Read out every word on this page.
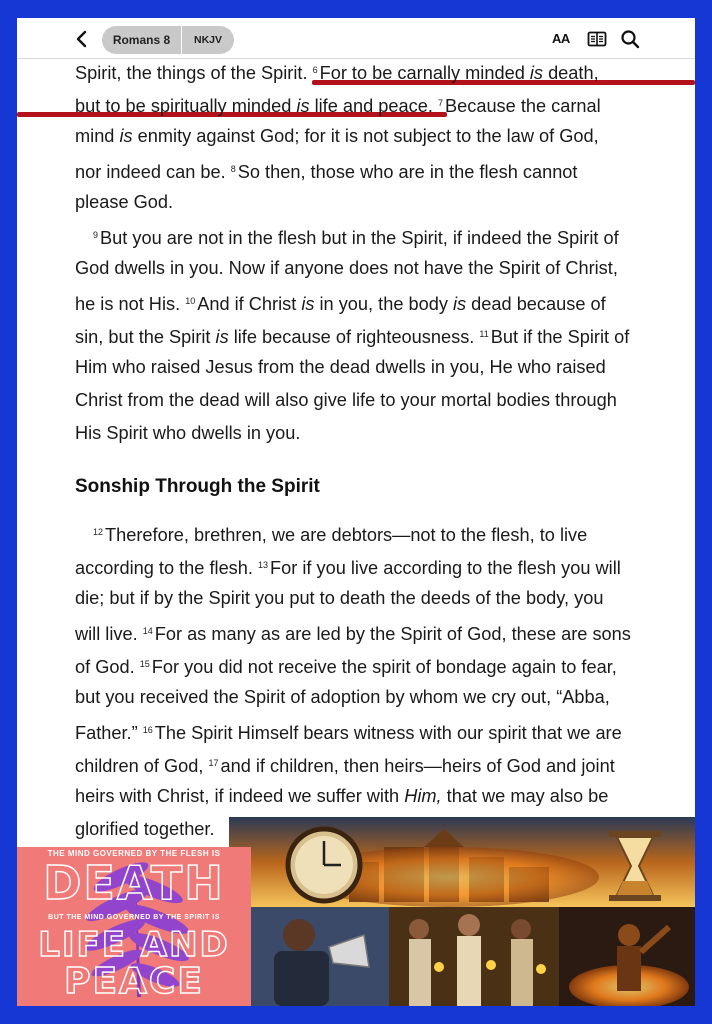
Romans 8	NKJV	AA
Spirit, the things of the Spirit. $^6$ For to be carnally minded is death,
but to be spiritually minded is life and peace. $^7$ Because the carnal
mind is enmity against God; for it is not subject to the law of God,
nor indeed can be. $^8$ So then, those who are in the flesh cannot
please God.
$^9$ But you are not in the flesh but in the Spirit, if indeed the Spirit of
God dwells in you. Now if anyone does not have the Spirit of Christ,
he is not His. $^{10}$ And if Christ is in you, the body is dead because of
sin, but the Spirit is life because of righteousness. $^{11}$ But if the Spirit of
Him who raised Jesus from the dead dwells in you, He who raised
Christ from the dead will also give life to your mortal bodies through
His Spirit who dwells in you.
Sonship Through the Spirit
$^{12}$ Therefore, brethren, we are debtors—not to the flesh, to live
according to the flesh. $^{13}$ For if you live according to the flesh you will
die; but if by the Spirit you put to death the deeds of the body, you
will live. $^{14}$ For as many as are led by the Spirit of God, these are sons
of God. $^{15}$ For you did not receive the spirit of bondage again to fear,
but you received the Spirit of adoption by whom we cry out, “Abba,
Father.” $^{16}$ The Spirit Himself bears witness with our spirit that we are
children of God, $^{17}$ and if children, then heirs—heirs of God and joint
heirs with Christ, if indeed we suffer with Him, that we may also be
glorified together.
THE MIND GOVERNED BY THE FLESH IS
DEATH
BUT THE MIND GOVERNED BY THE SPIRIT IS
LIFE AND
PEACE
